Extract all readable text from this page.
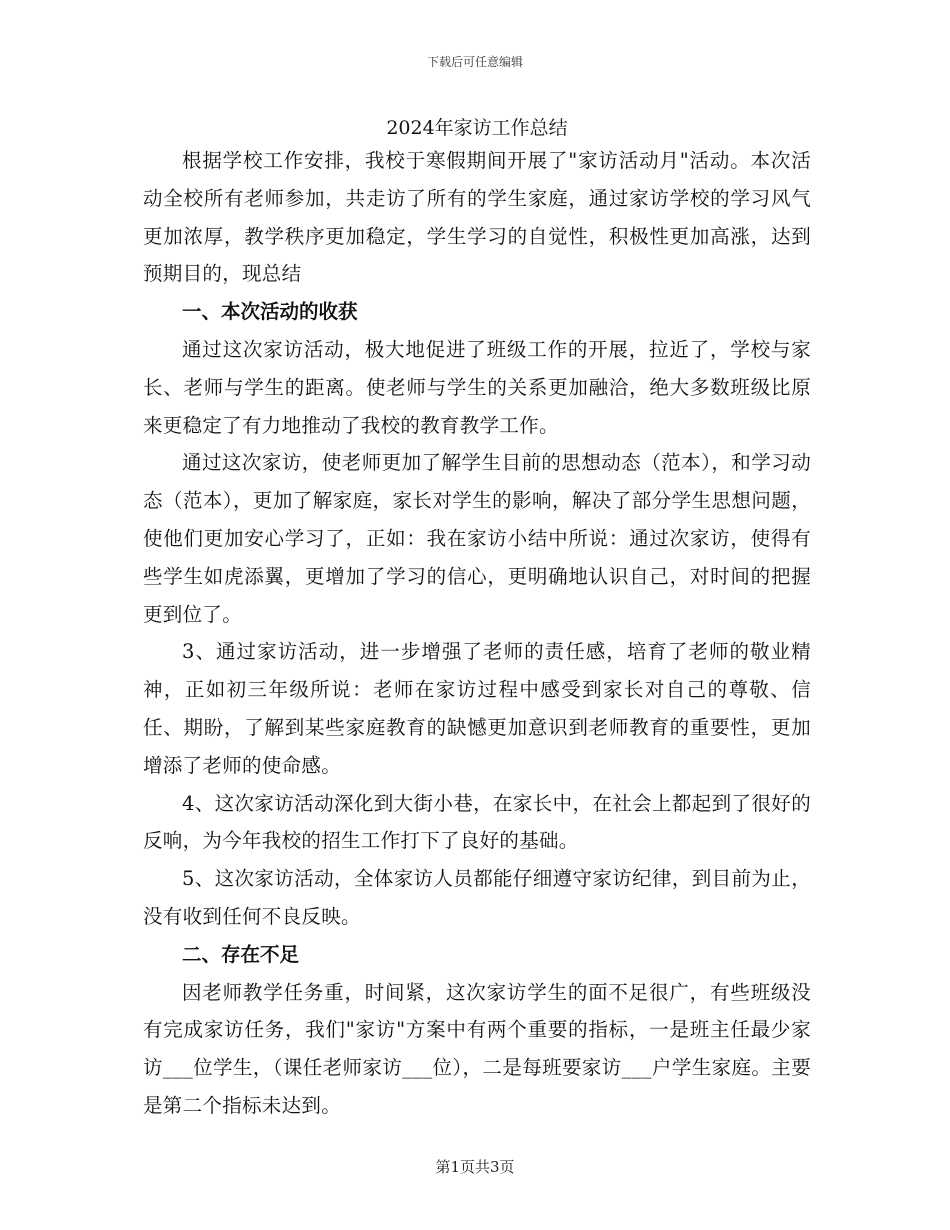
下载后可任意编辑
2024年家访工作总结

根据学校工作安排，我校于寒假期间开展了"家访活动月"活动。本次活动全校所有老师参加，共走访了所有的学生家庭，通过家访学校的学习风气更加浓厚，教学秩序更加稳定，学生学习的自觉性，积极性更加高涨，达到预期目的，现总结

一、本次活动的收获

通过这次家访活动，极大地促进了班级工作的开展，拉近了，学校与家长、老师与学生的距离。使老师与学生的关系更加融洽，绝大多数班级比原来更稳定了有力地推动了我校的教育教学工作。

通过这次家访，使老师更加了解学生目前的思想动态（范本），和学习动态（范本），更加了解家庭，家长对学生的影响，解决了部分学生思想问题，使他们更加安心学习了，正如：我在家访小结中所说：通过次家访，使得有些学生如虎添翼，更增加了学习的信心，更明确地认识自己，对时间的把握更到位了。

3、通过家访活动，进一步增强了老师的责任感，培育了老师的敬业精神，正如初三年级所说：老师在家访过程中感受到家长对自己的尊敬、信任、期盼，了解到某些家庭教育的缺憾更加意识到老师教育的重要性，更加增添了老师的使命感。

4、这次家访活动深化到大街小巷，在家长中，在社会上都起到了很好的反响，为今年我校的招生工作打下了良好的基础。

5、这次家访活动，全体家访人员都能仔细遵守家访纪律，到目前为止，没有收到任何不良反映。

二、存在不足

因老师教学任务重，时间紧，这次家访学生的面不足很广，有些班级没有完成家访任务，我们"家访"方案中有两个重要的指标，一是班主任最少家访___位学生，（课任老师家访___位），二是每班要家访___户学生家庭。主要是第二个指标未达到。

第1页共3页
